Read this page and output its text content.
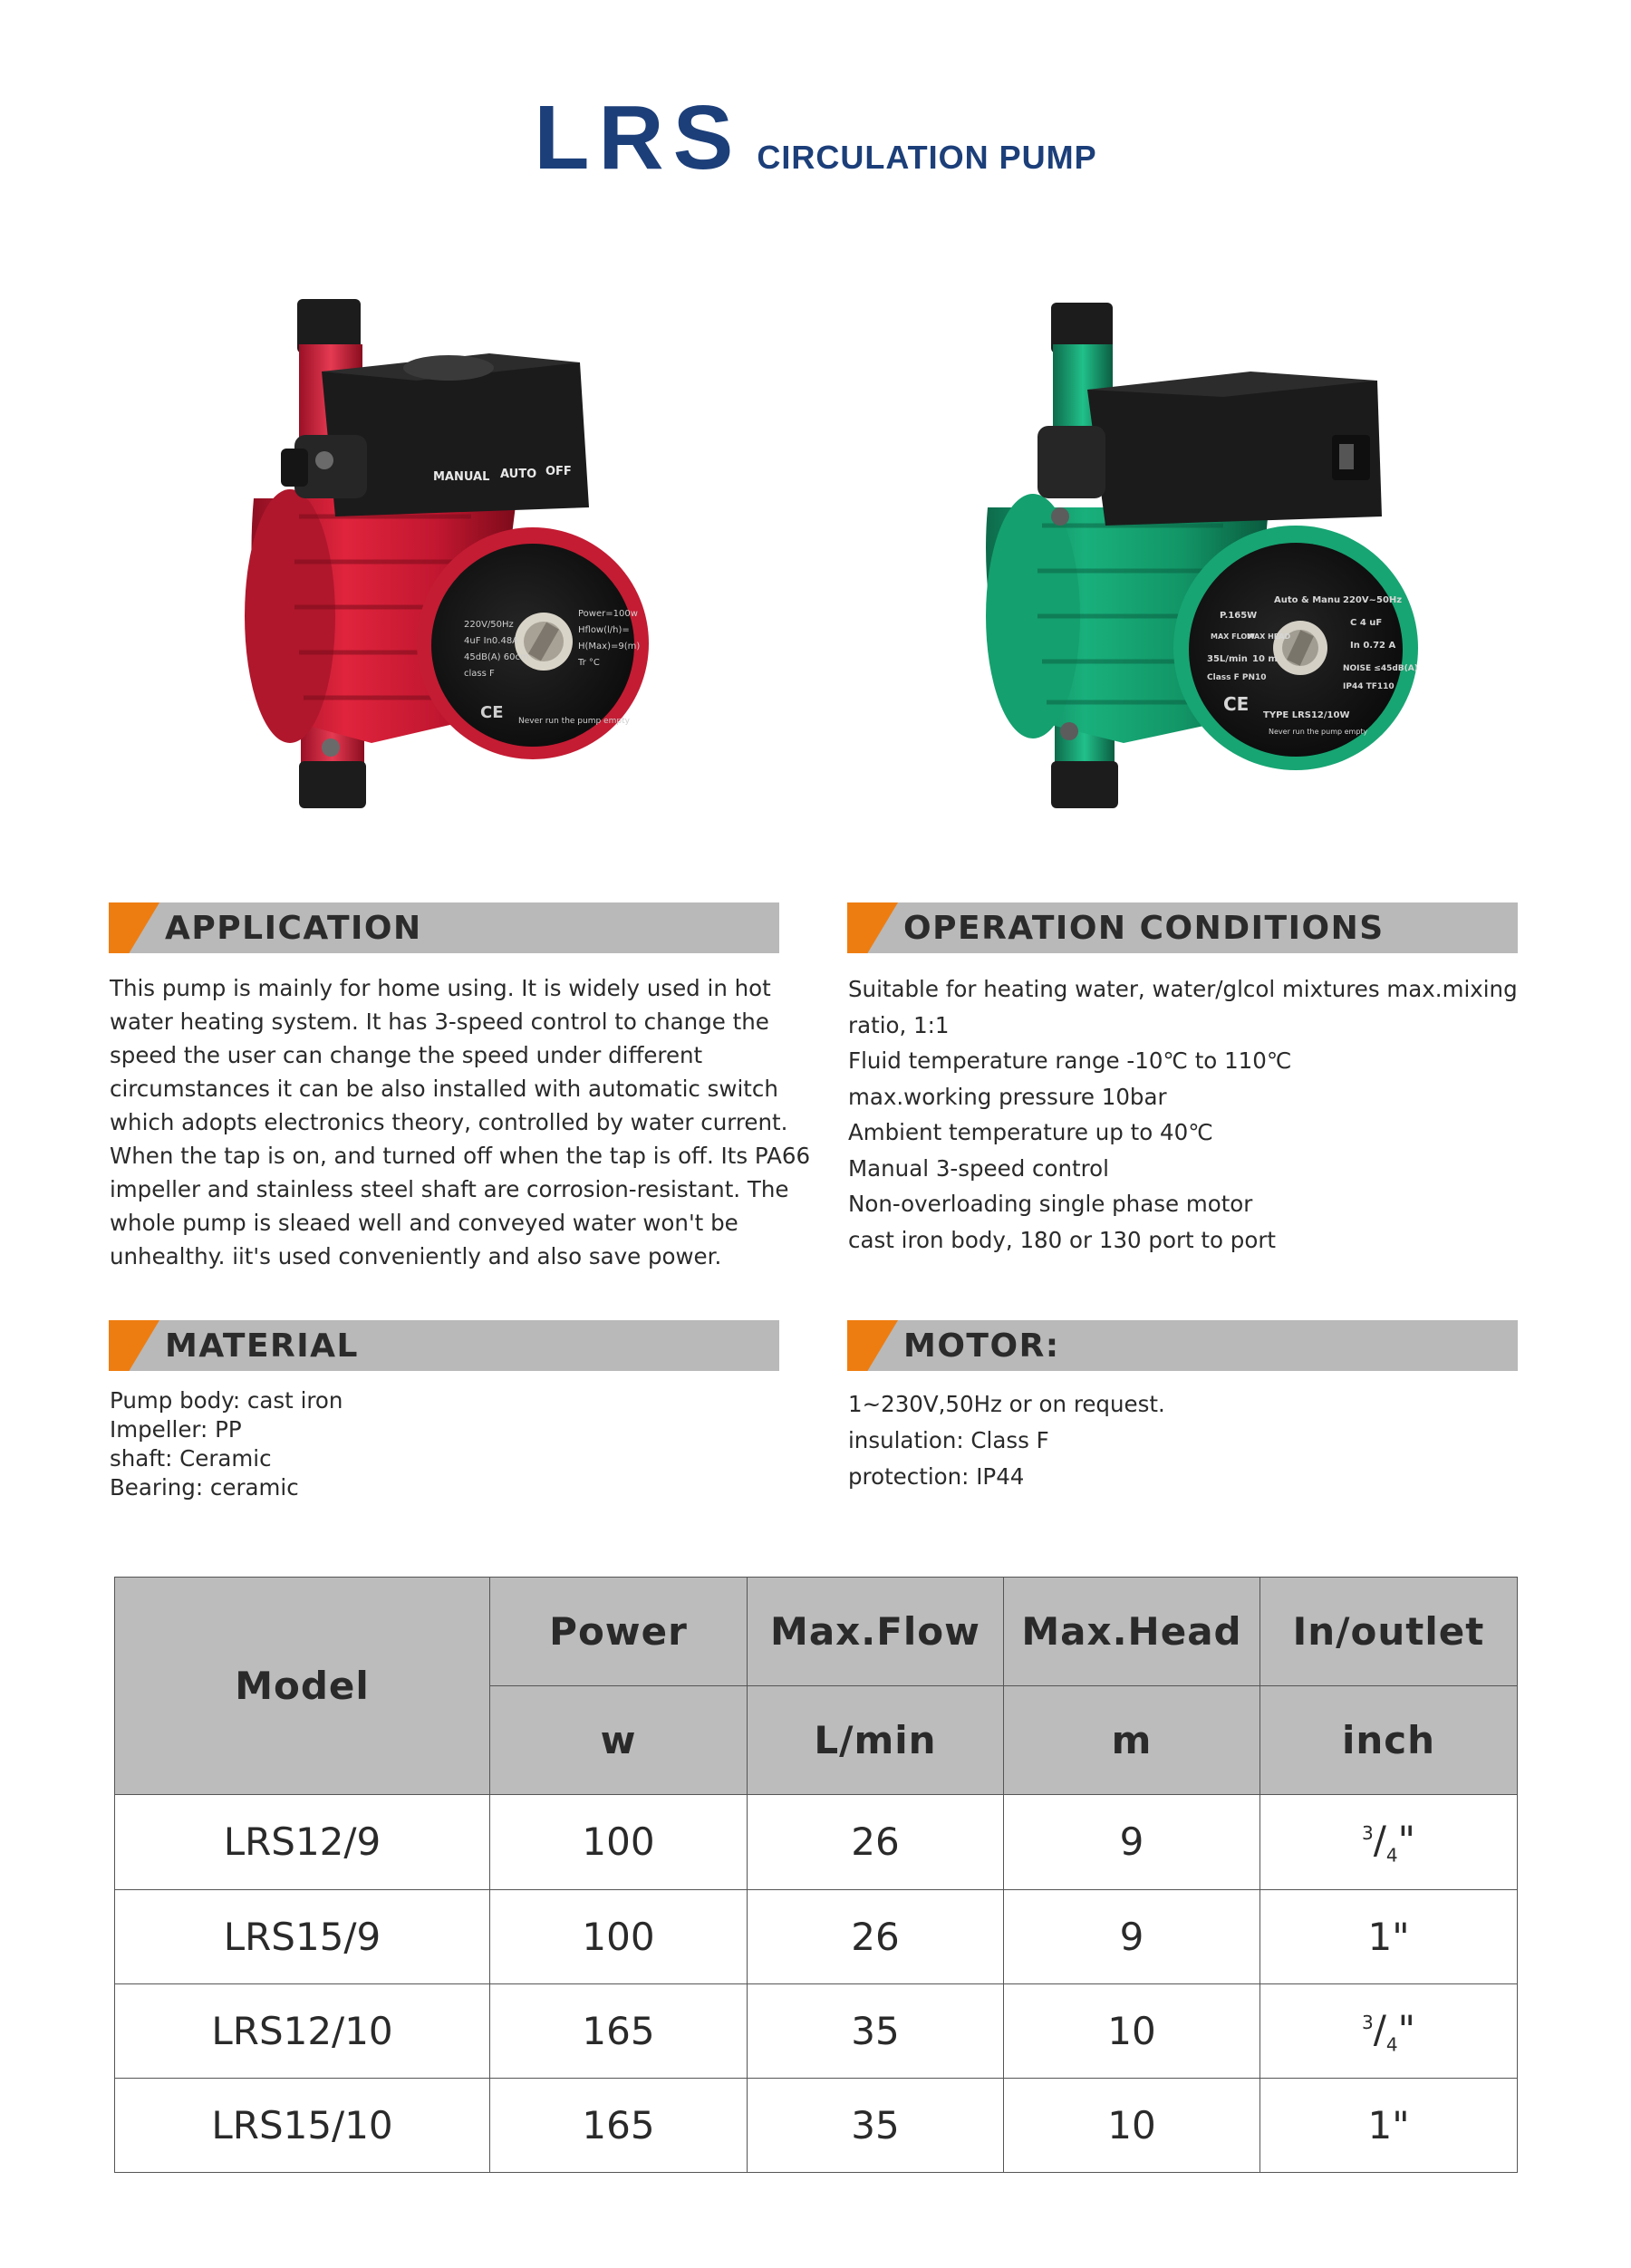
LRS CIRCULATION PUMP
MANUAL AUTO OFF
220V/50Hz
4uF In0.48A
45dB(A) 60cm
class F
Power=100w
Hflow(l/h)=
H(Max)=9(m)
Tr °C
Never run the pump empty
CE
P.165W
Auto & Manu 220V~50Hz
MAX FLOW
MAX HEAD
C 4 uF
35L/min 10 m
In 0.72 A
Class F PN10
NOISE ≤45dB(A)
IP44 TF110
TYPE LRS12/10W
Never run the pump empty
CE
APPLICATION

This pump is mainly for home using. It is widely used in hot

water heating system. It has 3-speed control to change the

speed the user can change the speed under different

circumstances it can be also installed with automatic switch

which adopts electronics theory, controlled by water current.

When the tap is on, and turned off when the tap is off. Its PA66

impeller and stainless steel shaft are corrosion-resistant. The

whole pump is sleaed well and conveyed water won't be

unhealthy. iit's used conveniently and also save power.

OPERATION CONDITIONS

Suitable for heating water, water/glcol mixtures max.mixing

ratio, 1:1

Fluid temperature range -10℃ to 110℃

max.working pressure 10bar

Ambient temperature up to 40℃

Manual 3-speed control

Non-overloading single phase motor

cast iron body, 180 or 130 port to port

MATERIAL

Pump body: cast iron

Impeller: PP

shaft: Ceramic

Bearing: ceramic

MOTOR:

1~230V,50Hz or on request.

insulation: Class F

protection: IP44

Model	Power	Max.Flow	Max.Head	In/outlet
	w	L/min	m	inch
LRS12/9	100	26	9	$^3/_4$"
LRS15/9	100	26	9	1"
LRS12/10	165	35	10	$^3/_4$"
LRS15/10	165	35	10	1"
